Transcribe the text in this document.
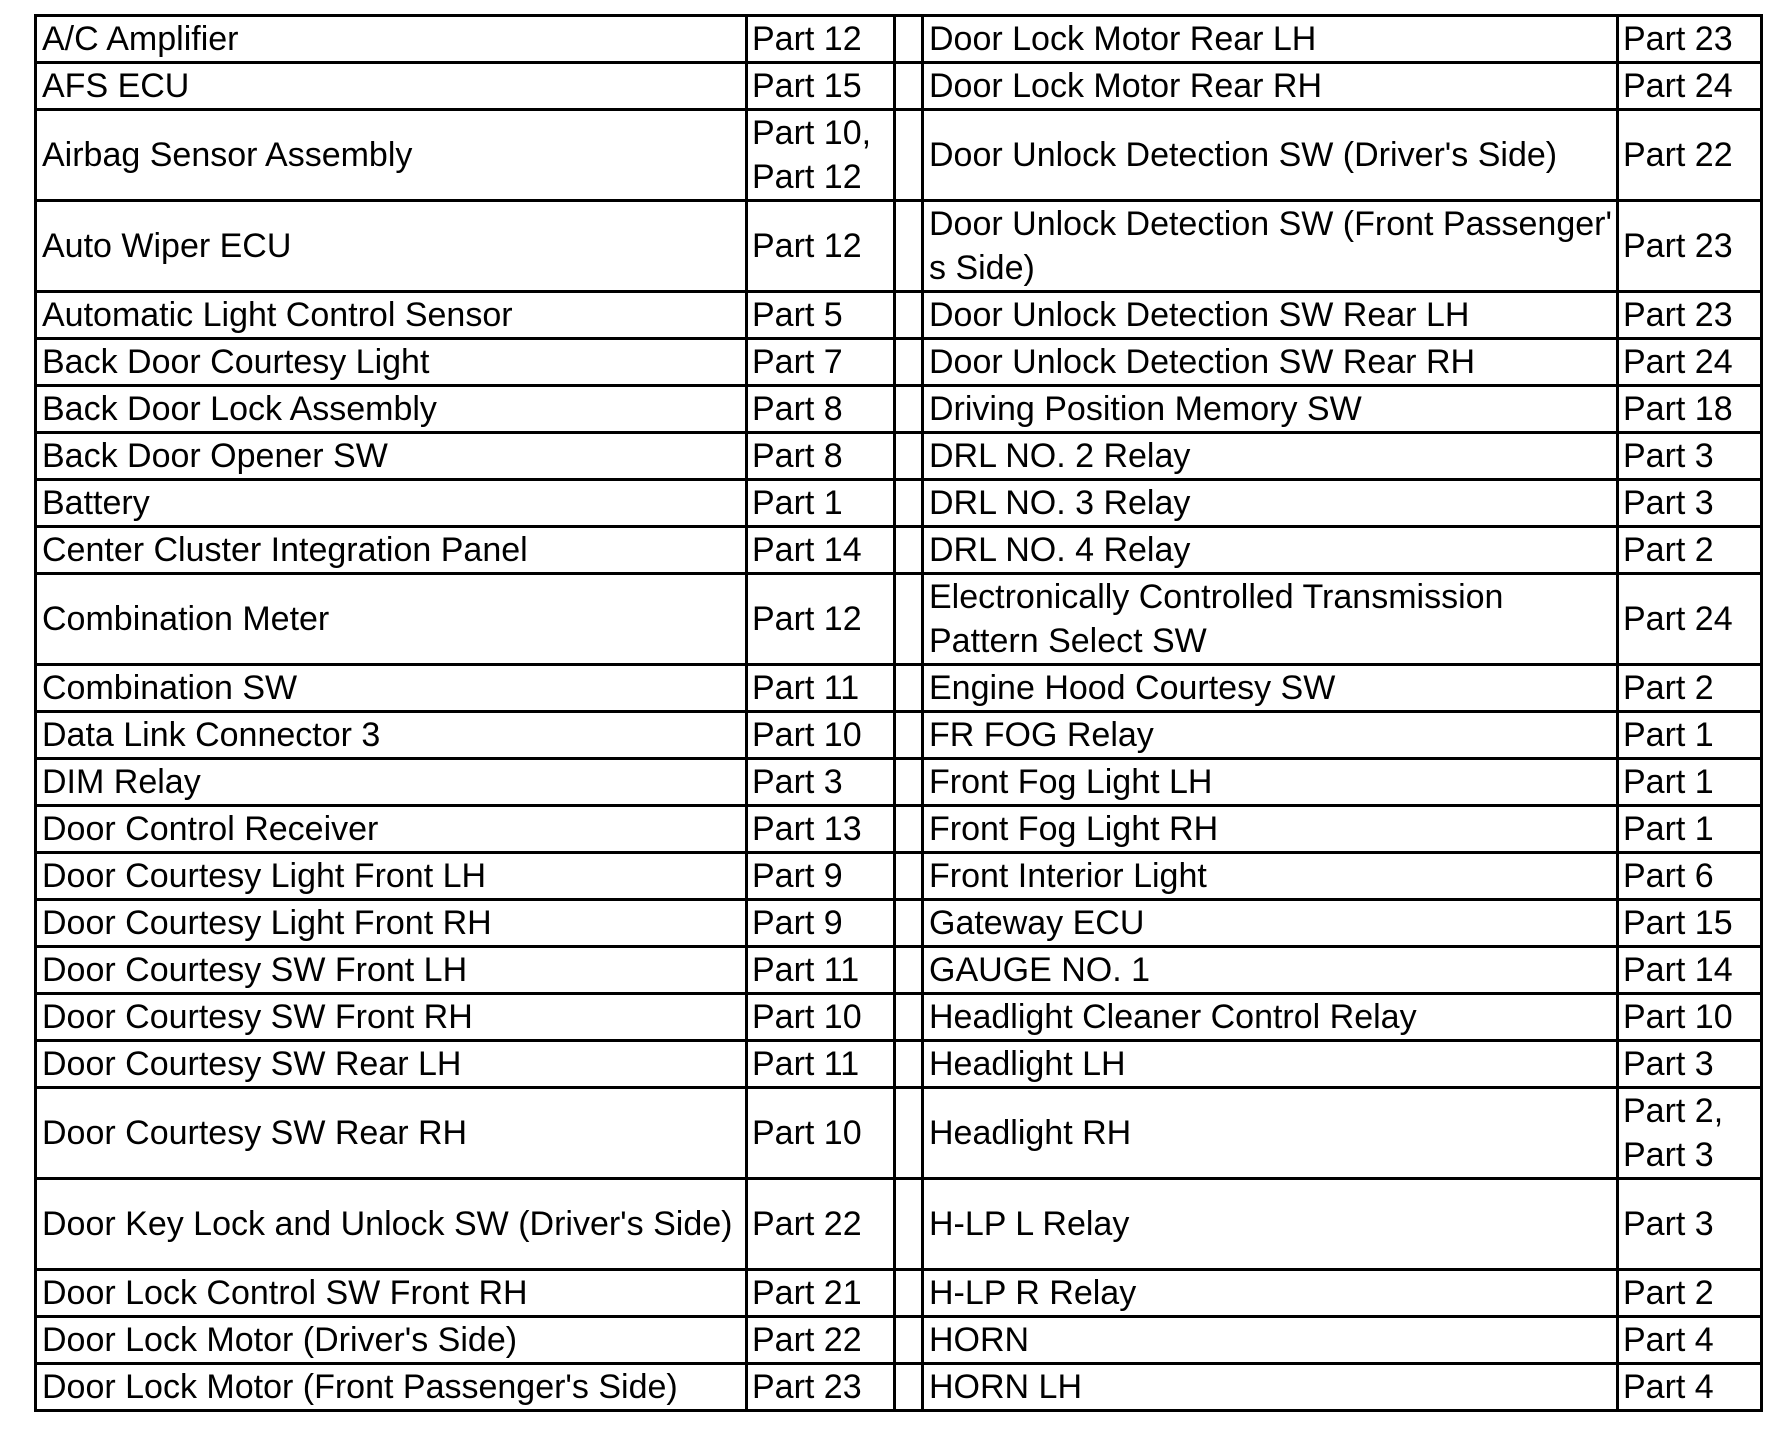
A/C Amplifier	Part 12		Door Lock Motor Rear LH	Part 23
AFS ECU	Part 15		Door Lock Motor Rear RH	Part 24
Airbag Sensor Assembly	Part 10, Part 12		Door Unlock Detection SW (Driver's Side)	Part 22
Auto Wiper ECU	Part 12		Door Unlock Detection SW (Front Passenger' s Side)	Part 23
Automatic Light Control Sensor	Part 5		Door Unlock Detection SW Rear LH	Part 23
Back Door Courtesy Light	Part 7		Door Unlock Detection SW Rear RH	Part 24
Back Door Lock Assembly	Part 8		Driving Position Memory SW	Part 18
Back Door Opener SW	Part 8		DRL NO. 2 Relay	Part 3
Battery	Part 1		DRL NO. 3 Relay	Part 3
Center Cluster Integration Panel	Part 14		DRL NO. 4 Relay	Part 2
Combination Meter	Part 12		Electronically Controlled Transmission Pattern Select SW	Part 24
Combination SW	Part 11		Engine Hood Courtesy SW	Part 2
Data Link Connector 3	Part 10		FR FOG Relay	Part 1
DIM Relay	Part 3		Front Fog Light LH	Part 1
Door Control Receiver	Part 13		Front Fog Light RH	Part 1
Door Courtesy Light Front LH	Part 9		Front Interior Light	Part 6
Door Courtesy Light Front RH	Part 9		Gateway ECU	Part 15
Door Courtesy SW Front LH	Part 11		GAUGE NO. 1	Part 14
Door Courtesy SW Front RH	Part 10		Headlight Cleaner Control Relay	Part 10
Door Courtesy SW Rear LH	Part 11		Headlight LH	Part 3
Door Courtesy SW Rear RH	Part 10		Headlight RH	Part 2, Part 3
Door Key Lock and Unlock SW (Driver's Side)	Part 22		H-LP L Relay	Part 3
Door Lock Control SW Front RH	Part 21		H-LP R Relay	Part 2
Door Lock Motor (Driver's Side)	Part 22		HORN	Part 4
Door Lock Motor (Front Passenger's Side)	Part 23		HORN LH	Part 4
